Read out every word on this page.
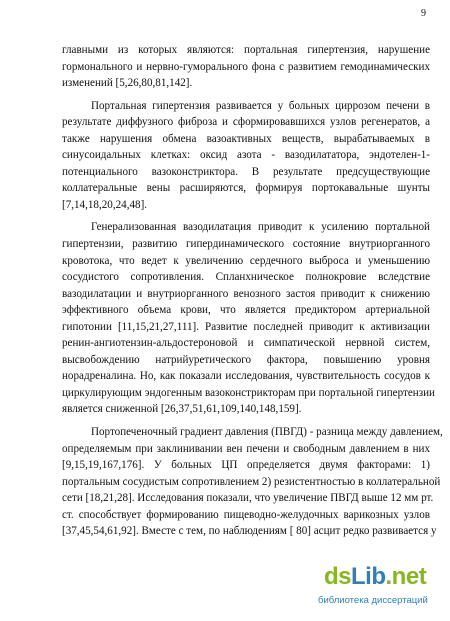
9
главными из которых являются: портальная гипертензия, нарушение
гормонального и нервно-гуморального фона с развитием гемодинамических
изменений [5,26,80,81,142].
Портальная гипертензия развивается у больных циррозом печени в
результате диффузного фиброза и сформировавшихся узлов регенератов, а
также нарушения обмена вазоактивных веществ, вырабатываемых в
синусоидальных клетках: оксид азота - вазодилататора, эндотелен-1-
потенциального вазоконстриктора. В результате предсуществующие
коллатеральные вены расширяются, формируя портокавальные шунты
[7,14,18,20,24,48].
Генерализованная вазодилатация приводит к усилению портальной
гипертензии, развитию гипердинамического состояние внутриорганного
кровотока, что ведет к увеличению сердечного выброса и уменьшению
сосудистого сопротивления. Спланхническое полнокровие вследствие
вазодилатации и внутриорганного венозного застоя приводит к снижению
эффективного объема крови, что является предиктором артериальной
гипотонии [11,15,21,27,111]. Развитие последней приводит к активизации
ренин-ангиотензин-альдостероновой и симпатической нервной систем,
высвобождению натрийуретического фактора, повышению уровня
норадреналина. Но, как показали исследования, чувствительность сосудов к
циркулирующим эндогенным вазоконстрикторам при портальной гипертензии
является сниженной [26,37,51,61,109,140,148,159].
Портопеченочный градиент давления (ПВГД) - разница между давлением,
определяемым при заклинивании вен печени и свободным давлением в них
[9,15,19,167,176]. У больных ЦП определяется двумя факторами: 1)
портальным сосудистым сопротивлением 2) резистентностью в коллатеральной
сети [18,21,28]. Исследования показали, что увеличение ПВГД выше 12 мм рт.
ст. способствует формированию пищеводно-желудочных варикозных узлов
[37,45,54,61,92]. Вместе с тем, по наблюдениям [ 80] асцит редко развивается у
ds Lib .net
библиотека диссертаций
